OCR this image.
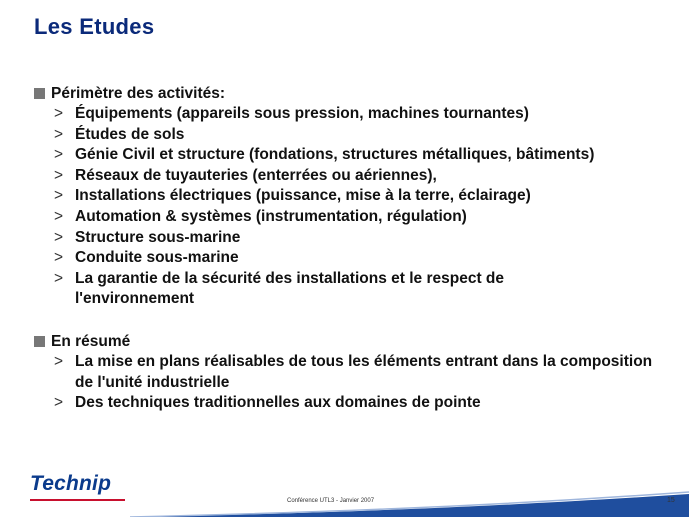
Les Etudes
Périmètre des activités:
> Équipements (appareils sous pression, machines tournantes)
> Études de sols
> Génie Civil et structure (fondations, structures métalliques, bâtiments)
> Réseaux de tuyauteries (enterrées ou aériennes),
> Installations électriques (puissance, mise à la terre, éclairage)
> Automation & systèmes (instrumentation, régulation)
> Structure sous-marine
> Conduite sous-marine
> La garantie de la sécurité des installations et le respect de l'environnement
En résumé
> La mise en plans réalisables de tous les éléments entrant dans la composition de l'unité industrielle
> Des techniques traditionnelles aux domaines de pointe
Technip
Conférence UTL3 - Janvier 2007	15
